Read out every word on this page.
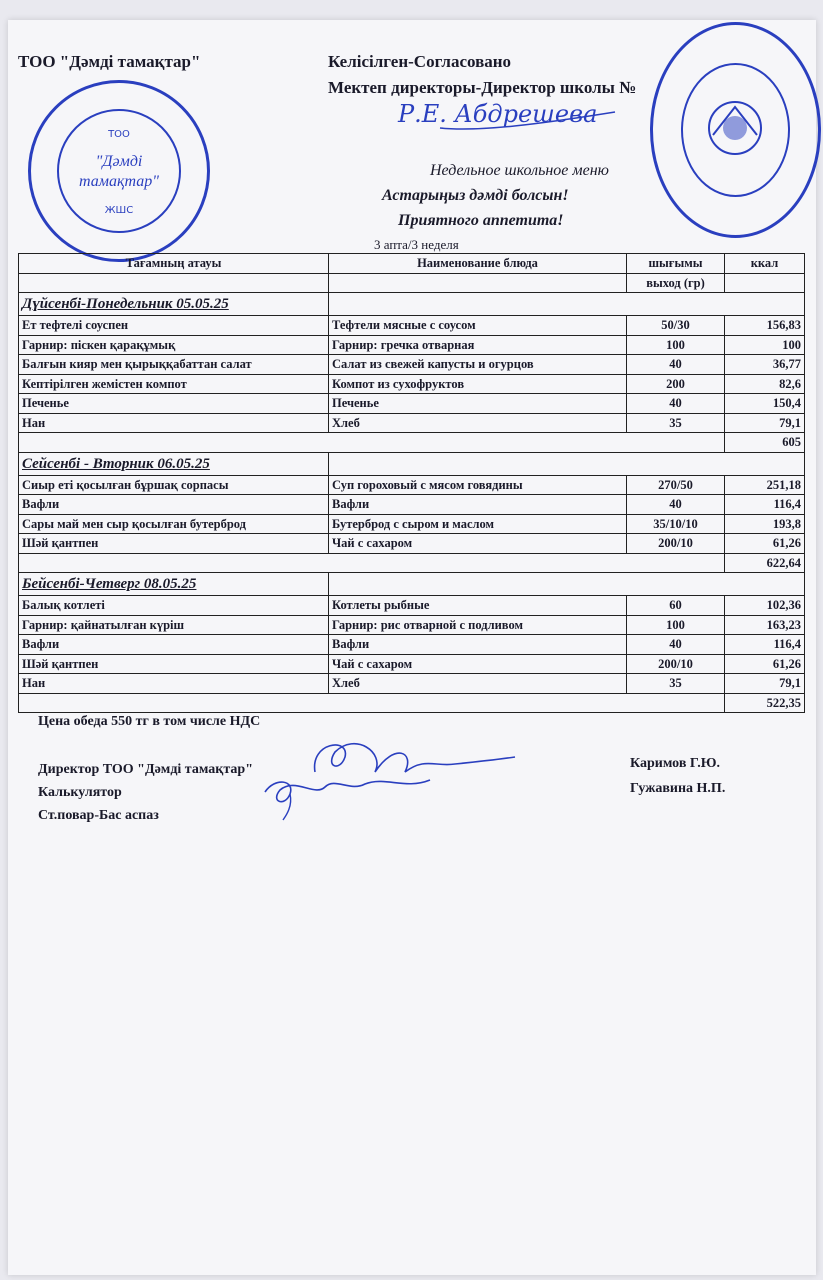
ТОО "Дәмді тамақтар"	Келісілген-Согласовано
Мектеп директоры-Директор школы №
Р.Е. Абдрешева
Недельное школьное меню
Астарыңыз дәмді болсын!
Приятного аппетита!
3 апта/3 неделя
ТОО
"Дәмді
тамақтар"
ЖШС
Тағамның атауы	Наименование блюда	шығымы	ккал
		выход (гр)	
Дүйсенбі-Понедельник 05.05.25			
Ет тефтелі соуспен	Тефтели мясные с соусом	50/30	156,83
Гарнир: піскен қарақұмық	Гарнир: гречка отварная	100	100
Балғын кияр мен қырыққабаттан салат	Салат из свежей капусты и огурцов	40	36,77
Кептірілген жемістен компот	Компот из сухофруктов	200	82,6
Печенье	Печенье	40	150,4
Нан	Хлеб	35	79,1
			605
Сейсенбі - Вторник 06.05.25			
Сиыр еті қосылған бұршақ сорпасы	Суп гороховый с мясом говядины	270/50	251,18
Вафли	Вафли	40	116,4
Сары май мен сыр қосылған бутерброд	Бутерброд с сыром и маслом	35/10/10	193,8
Шәй қантпен	Чай с сахаром	200/10	61,26
			622,64
Бейсенбі-Четверг 08.05.25			
Балық котлеті	Котлеты рыбные	60	102,36
Гарнир: қайнатылған күріш	Гарнир: рис отварной с подливом	100	163,23
Вафли	Вафли	40	116,4
Шәй қантпен	Чай с сахаром	200/10	61,26
Нан	Хлеб	35	79,1
			522,35
Цена обеда 550 тг в том числе НДС
Директор ТОО "Дәмді тамақтар"
Калькулятор
Ст.повар-Бас аспаз
Каримов Г.Ю.
Гужавина Н.П.
